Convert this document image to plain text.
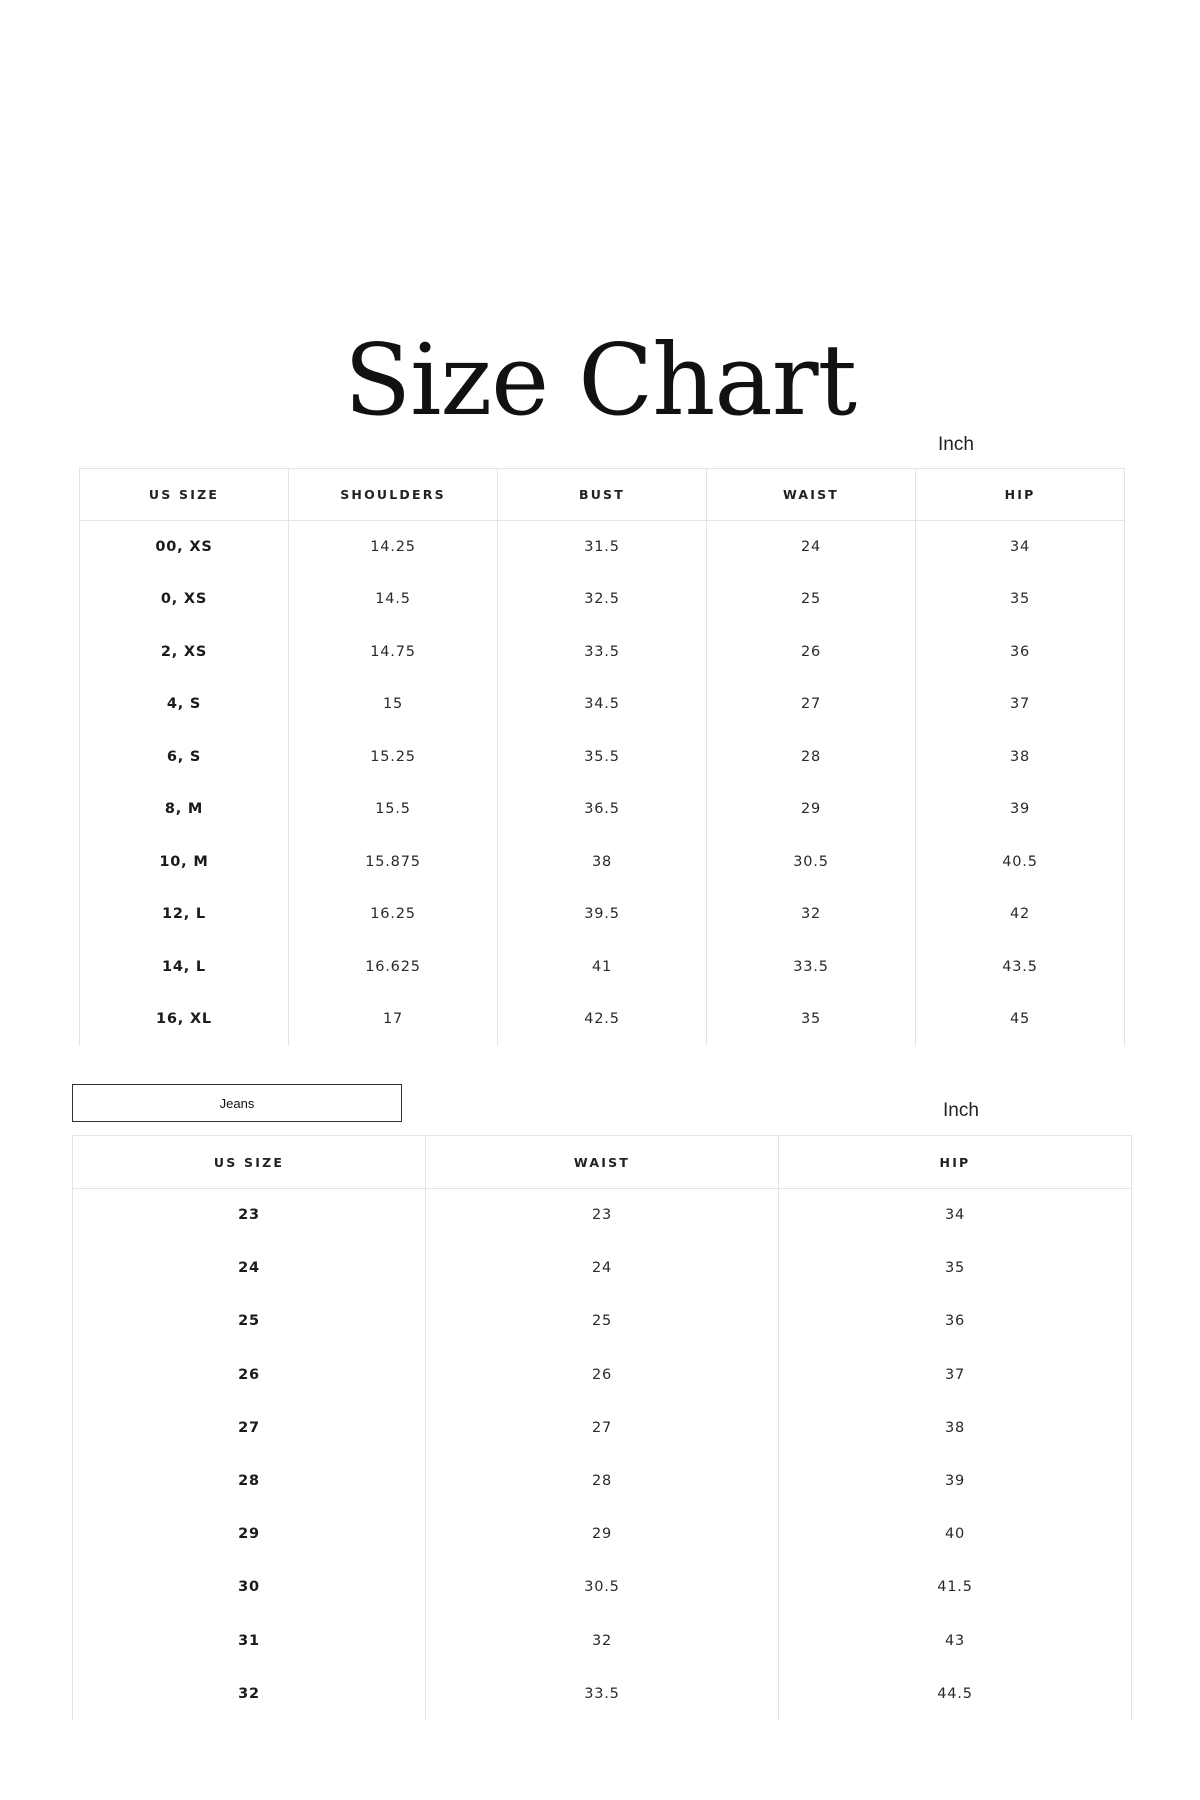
Size Chart
Inch
US SIZE	SHOULDERS	BUST	WAIST	HIP
00, XS	14.25	31.5	24	34
0, XS	14.5	32.5	25	35
2, XS	14.75	33.5	26	36
4, S	15	34.5	27	37
6, S	15.25	35.5	28	38
8, M	15.5	36.5	29	39
10, M	15.875	38	30.5	40.5
12, L	16.25	39.5	32	42
14, L	16.625	41	33.5	43.5
16, XL	17	42.5	35	45
Jeans	Inch
US SIZE	WAIST	HIP
23	23	34
24	24	35
25	25	36
26	26	37
27	27	38
28	28	39
29	29	40
30	30.5	41.5
31	32	43
32	33.5	44.5
